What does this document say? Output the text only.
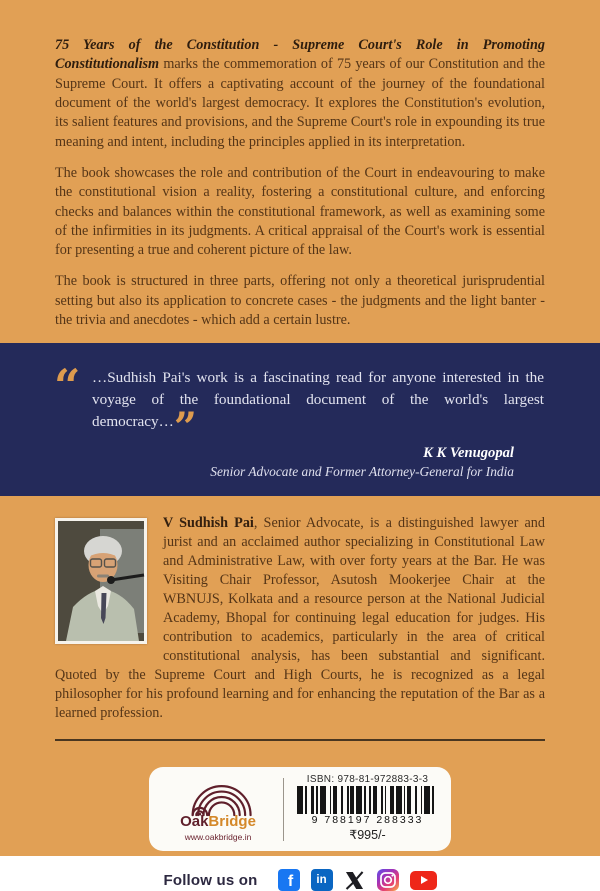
75 Years of the Constitution - Supreme Court's Role in Promoting Constitutionalism marks the commemoration of 75 years of our Constitution and the Supreme Court. It offers a captivating account of the journey of the foundational document of the world's largest democracy. It explores the Constitution's evolution, its salient features and provisions, and the Supreme Court's role in expounding its true meaning and intent, including the principles applied in its interpretation.

The book showcases the role and contribution of the Court in endeavouring to make the constitutional vision a reality, fostering a constitutional culture, and enforcing checks and balances within the constitutional framework, as well as examining some of the infirmities in its judgments. A critical appraisal of the Court's work is essential for presenting a true and coherent picture of the law.

The book is structured in three parts, offering not only a theoretical jurisprudential setting but also its application to concrete cases - the judgments and the light banter - the trivia and anecdotes - which add a certain lustre.

“ …Sudhish Pai's work is a fascinating read for anyone interested in the voyage of the foundational document of the world's largest democracy…”

K K Venugopal
Senior Advocate and Former Attorney-General for India

V Sudhish Pai, Senior Advocate, is a distinguished lawyer and jurist and an acclaimed author specializing in Constitutional Law and Administrative Law, with over forty years at the Bar. He was Visiting Chair Professor, Asutosh Mookerjee Chair at the WBNUJS, Kolkata and a resource person at the National Judicial Academy, Bhopal for continuing legal education for judges. His contribution to academics, particularly in the area of critical constitutional analysis, has been substantial and significant. Quoted by the Supreme Court and High Courts, he is recognized as a legal philosopher for his profound learning and for enhancing the reputation of the Bar as a learned profession.

OakBridge
www.oakbridge.in
ISBN: 978-81-972883-3-3
9 788197 288333
₹995/-
Follow us on f in
